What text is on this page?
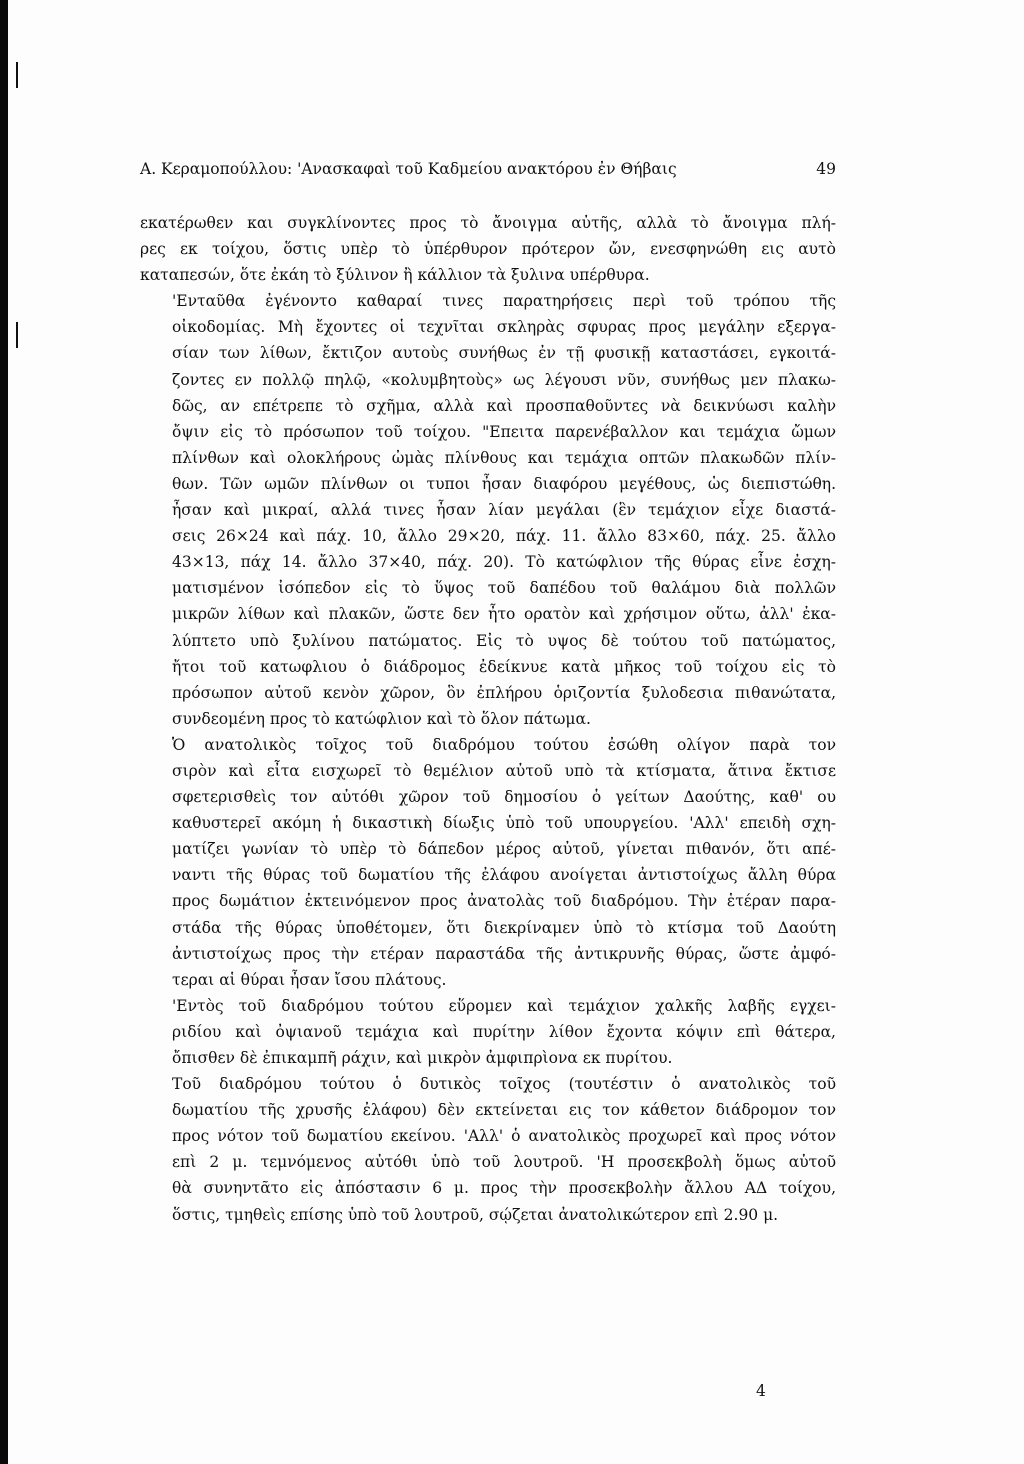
Α. Κεραμοπούλλου: 'Ανασκαφαὶ τοῦ Καδμείου ανακτόρου ἐν Θήβαις	49

εκατέρωθεν και συγκλίνοντες προς τὸ ἄνοιγμα αὐτῆς, αλλὰ τὸ ἄνοιγμα πλή-
ρες εκ τοίχου, ὅστις υπὲρ τὸ ὑπέρθυρον πρότερον ὤν, ενεσφηνώθη εις αυτὸ
καταπεσών, ὅτε ἐκάη τὸ ξύλινον ἢ κάλλιον τὰ ξυλινα υπέρθυρα.

'Ενταῦθα ἐγένοντο καθαραί τινες παρατηρήσεις περὶ τοῦ τρόπου τῆς
οἰκοδομίας. Μὴ ἔχοντες οἱ τεχνῖται σκληρὰς σφυρας προς μεγάλην εξεργα-
σίαν των λίθων, ἔκτιζον αυτοὺς συνήθως ἐν τῇ φυσικῇ καταστάσει, εγκοιτά-
ζοντες εν πολλῷ πηλῷ, «κολυμβητοὺς» ως λέγουσι νῦν, συνήθως μεν πλακω-
δῶς, αν επέτρεπε τὸ σχῆμα, αλλὰ καὶ προσπαθοῦντες νὰ δεικνύωσι καλὴν
ὄψιν εἰς τὸ πρόσωπον τοῦ τοίχου. "Επειτα παρενέβαλλον και τεμάχια ὤμων
πλίνθων καὶ ολοκλήρους ὠμὰς πλίνθους και τεμάχια οπτῶν πλακωδῶν πλίν-
θων. Τῶν ωμῶν πλίνθων οι τυποι ἦσαν διαφόρου μεγέθους, ὡς διεπιστώθη.
ἦσαν καὶ μικραί, αλλά τινες ἦσαν λίαν μεγάλαι (ἓν τεμάχιον εἶχε διαστά-
σεις 26×24 καὶ πάχ. 10, ἄλλο 29×20, πάχ. 11. ἄλλο 83×60, πάχ. 25. ἄλλο
43×13, πάχ 14. ἄλλο 37×40, πάχ. 20). Τὸ κατώφλιον τῆς θύρας εἶνε ἐσχη-
ματισμένον ἰσόπεδον εἰς τὸ ὕψος τοῦ δαπέδου τοῦ θαλάμου διὰ πολλῶν
μικρῶν λίθων καὶ πλακῶν, ὥστε δεν ἦτο ορατὸν καὶ χρήσιμον οὕτω, ἀλλ' ἐκα-
λύπτετο υπὸ ξυλίνου πατώματος. Εἰς τὸ υψος δὲ τούτου τοῦ πατώματος,
ἤτοι τοῦ κατωφλιου ὁ διάδρομος ἐδείκνυε κατὰ μῆκος τοῦ τοίχου εἰς τὸ
πρόσωπον αὐτοῦ κενὸν χῶρον, ὃν ἐπλήρου ὁριζοντία ξυλοδεσια πιθανώτατα,
συνδεομένη προς τὸ κατώφλιον καὶ τὸ ὅλον πάτωμα.

Ὁ ανατολικὸς τοῖχος τοῦ διαδρόμου τούτου ἐσώθη ολίγον παρὰ τον
σιρὸν καὶ εἶτα εισχωρεῖ τὸ θεμέλιον αὐτοῦ υπὸ τὰ κτίσματα, ἅτινα ἔκτισε
σφετερισθεὶς τον αὐτόθι χῶρον τοῦ δημοσίου ὁ γείτων Δαούτης, καθ' ου
καθυστερεῖ ακόμη ἡ δικαστικὴ δίωξις ὑπὸ τοῦ υπουργείου. 'Αλλ' επειδὴ σχη-
ματίζει γωνίαν τὸ υπὲρ τὸ δάπεδον μέρος αὐτοῦ, γίνεται πιθανόν, ὅτι απέ-
ναντι τῆς θύρας τοῦ δωματίου τῆς ἐλάφου ανοίγεται ἀντιστοίχως ἄλλη θύρα
προς δωμάτιον ἐκτεινόμενον προς ἀνατολὰς τοῦ διαδρόμου. Τὴν ἑτέραν παρα-
στάδα τῆς θύρας ὑποθέτομεν, ὅτι διεκρίναμεν ὑπὸ τὸ κτίσμα τοῦ Δαούτη
ἀντιστοίχως προς τὴν ετέραν παραστάδα τῆς ἀντικρυνῆς θύρας, ὥστε ἀμφό-
τεραι αἱ θύραι ἦσαν ἴσου πλάτους.

'Εντὸς τοῦ διαδρόμου τούτου εὕρομεν καὶ τεμάχιον χαλκῆς λαβῆς εγχει-
ριδίου καὶ ὀψιανοῦ τεμάχια καὶ πυρίτην λίθον ἔχοντα κόψιν επὶ θάτερα,
ὄπισθεν δὲ ἐπικαμπῆ ράχιν, καὶ μικρὸν ἀμφιπρὶονα εκ πυρίτου.

Τοῦ διαδρόμου τούτου ὁ δυτικὸς τοῖχος (τουτέστιν ὁ ανατολικὸς τοῦ
δωματίου τῆς χρυσῆς ἐλάφου) δὲν εκτείνεται εις τον κάθετον διάδρομον τον
προς νότον τοῦ δωματίου εκείνου. 'Αλλ' ὁ ανατολικὸς προχωρεῖ καὶ προς νότον
επὶ 2 μ. τεμνόμενος αὐτόθι ὑπὸ τοῦ λουτροῦ. 'Η προσεκβολὴ ὅμως αὐτοῦ
θὰ συνηντᾶτο εἰς ἀπόστασιν 6 μ. προς τὴν προσεκβολὴν ἄλλου ΑΔ τοίχου,
ὅστις, τμηθεὶς επίσης ὑπὸ τοῦ λουτροῦ, σῴζεται ἀνατολικώτερον επὶ 2.90 μ.

4
